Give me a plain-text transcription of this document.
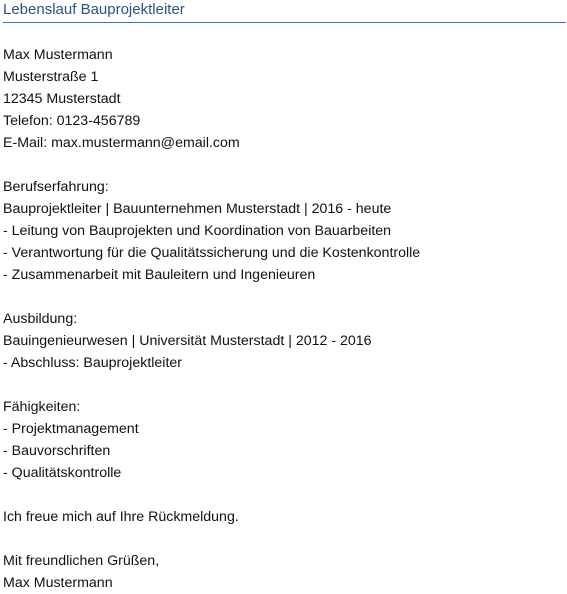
Lebenslauf Bauprojektleiter
Max Mustermann
Musterstraße 1
12345 Musterstadt
Telefon: 0123-456789
E-Mail: max.mustermann@email.com
Berufserfahrung:
Bauprojektleiter | Bauunternehmen Musterstadt | 2016 - heute
- Leitung von Bauprojekten und Koordination von Bauarbeiten
- Verantwortung für die Qualitätssicherung und die Kostenkontrolle
- Zusammenarbeit mit Bauleitern und Ingenieuren
Ausbildung:
Bauingenieurwesen | Universität Musterstadt | 2012 - 2016
- Abschluss: Bauprojektleiter
Fähigkeiten:
- Projektmanagement
- Bauvorschriften
- Qualitätskontrolle
Ich freue mich auf Ihre Rückmeldung.
Mit freundlichen Grüßen,
Max Mustermann
